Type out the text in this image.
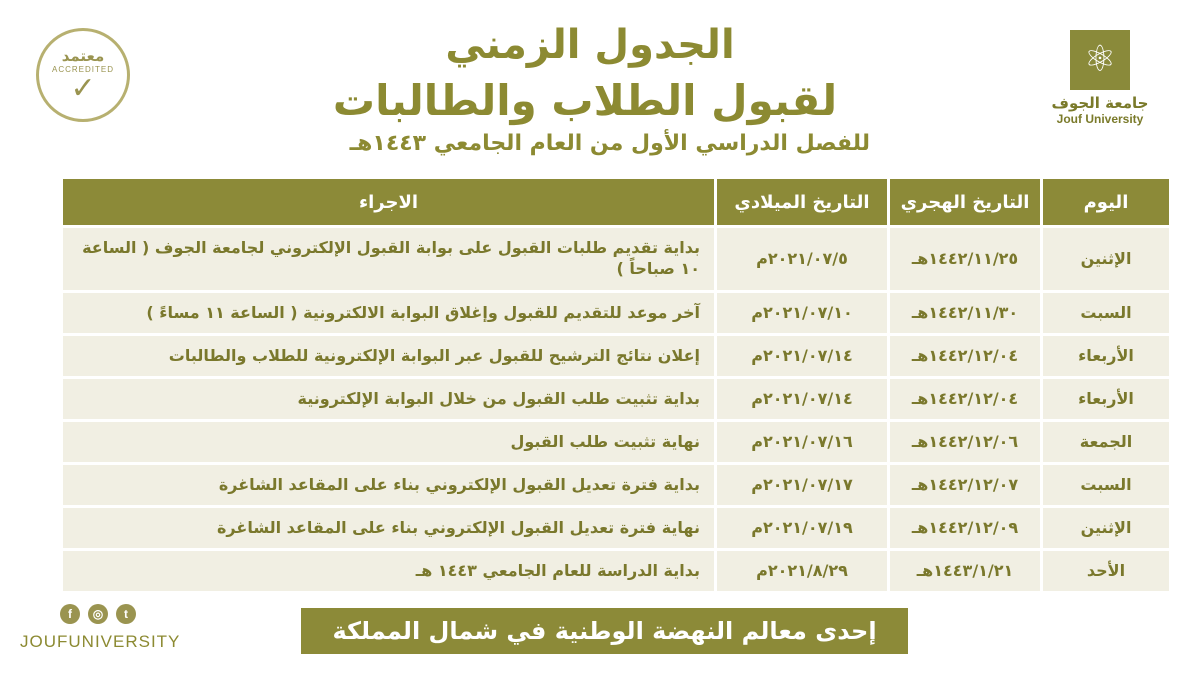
⚛
جامعة الجوف
Jouf University
معتمد
ACCREDITED
✓
الجدول الزمني
لقبول الطلاب والطالبات
للفصل الدراسي الأول من العام الجامعي ١٤٤٣هـ
اليوم	التاريخ الهجري	التاريخ الميلادي	الاجراء
الإثنين	١٤٤٢/١١/٢٥هـ	٢٠٢١/٠٧/٥م	بداية تقديم طلبات القبول على بوابة القبول الإلكتروني لجامعة الجوف ( الساعة ١٠ صباحاً )
السبت	١٤٤٢/١١/٣٠هـ	٢٠٢١/٠٧/١٠م	آخر موعد للتقديم للقبول وإغلاق البوابة الالكترونية ( الساعة ١١ مساءً )
الأربعاء	١٤٤٢/١٢/٠٤هـ	٢٠٢١/٠٧/١٤م	إعلان نتائج الترشيح للقبول عبر البوابة الإلكترونية للطلاب والطالبات
الأربعاء	١٤٤٢/١٢/٠٤هـ	٢٠٢١/٠٧/١٤م	بداية تثبيت طلب القبول من خلال البوابة الإلكترونية
الجمعة	١٤٤٢/١٢/٠٦هـ	٢٠٢١/٠٧/١٦م	نهاية تثبيت طلب القبول
السبت	١٤٤٢/١٢/٠٧هـ	٢٠٢١/٠٧/١٧م	بداية فترة تعديل القبول الإلكتروني بناء على المقاعد الشاغرة
الإثنين	١٤٤٢/١٢/٠٩هـ	٢٠٢١/٠٧/١٩م	نهاية فترة تعديل القبول الإلكتروني بناء على المقاعد الشاغرة
الأحد	١٤٤٣/١/٢١هـ	٢٠٢١/٨/٢٩م	بداية الدراسة للعام الجامعي ١٤٤٣ هـ
f	◎	t
JOUFUNIVERSITY	إحدى معالم النهضة الوطنية في شمال المملكة
